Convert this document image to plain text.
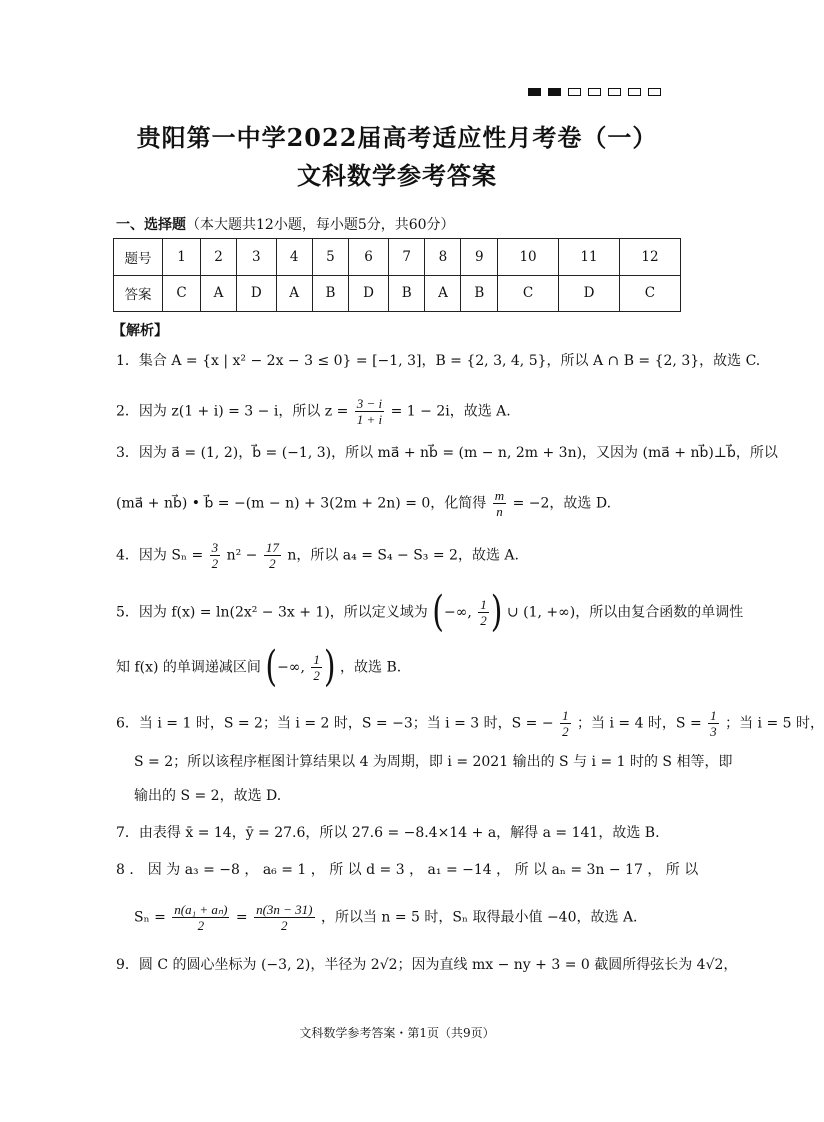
贵阳第一中学2022届高考适应性月考卷（一）
文科数学参考答案
一、选择题（本大题共12小题，每小题5分，共60分）
题号	1	2	3	4	5	6	7	8	9	10	11	12
答案	C	A	D	A	B	D	B	A	B	C	D	C
【解析】
1．集合 A = {x | x² − 2x − 3 ≤ 0} = [−1, 3]，B = {2, 3, 4, 5}，所以 A ∩ B = {2, 3}，故选 C.
2．因为 z(1 + i) = 3 − i，所以 $z = \frac{3 - i}{1 + i} = 1 - 2i$，故选 A.
3．因为 a⃗ = (1, 2)，b⃗ = (−1, 3)，所以 ma⃗ + nb⃗ = (m − n, 2m + 3n)，又因为 (ma⃗ + nb⃗)⊥b⃗，所以
(ma⃗ + nb⃗) • b⃗ = −(m − n) + 3(2m + 2n) = 0，化简得 $\frac{m}{n} = -2$，故选 D.
4．因为 $S_n = \frac{3}{2} n^2 - \frac{17}{2}$ n，所以 a₄ = S₄ − S₃ = 2，故选 A.
5．因为 f(x) = ln(2x² − 3x + 1)，所以定义域为 (−∞, $\frac{1}{2}$ ) ∪ (1, +∞)，所以由复合函数的单调性
知 f(x) 的单调递减区间 (−∞, $\frac{1}{2}$ ) ，故选 B.
6．当 i = 1 时，S = 2；当 i = 2 时，S = −3；当 i = 3 时，S = − $\frac{1}{2}$ ；当 i = 4 时，$S = \frac{1}{3}$ ；当 i = 5 时，
S = 2；所以该程序框图计算结果以 4 为周期，即 i = 2021 输出的 S 与 i = 1 时的 S 相等，即
输出的 S = 2，故选 D.
7．由表得 x̄ = 14，ȳ = 27.6，所以 27.6 = −8.4×14 + a，解得 a = 141，故选 B.
8 ． 因 为 a₃ = −8 ， a₆ = 1 ， 所 以 d = 3 ， a₁ = −14 ， 所 以 aₙ = 3n − 17 ， 所 以
$S_n = \frac{\text{n(a₁ + aₙ)}}{2} = \frac{n(3n - 31)}{2}$ ，所以当 n = 5 时，Sₙ 取得最小值 −40，故选 A.
9．圆 C 的圆心坐标为 (−3, 2)，半径为 2√2；因为直线 mx − ny + 3 = 0 截圆所得弦长为 4√2，
文科数学参考答案・第1页（共9页）
